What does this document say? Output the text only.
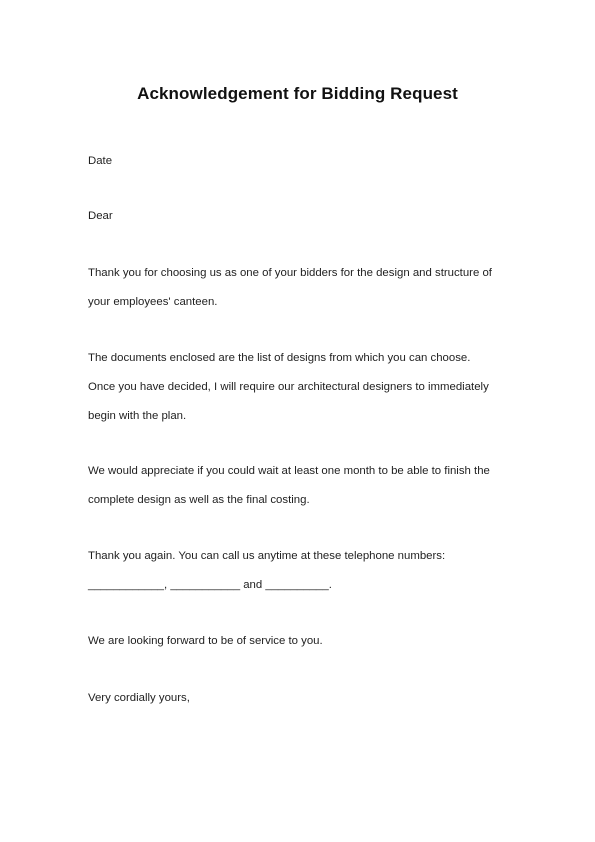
Acknowledgement for Bidding Request
Date
Dear
Thank you for choosing us as one of your bidders for the design and structure of
your employees' canteen.
The documents enclosed are the list of designs from which you can choose.
Once you have decided, I will require our architectural designers to immediately
begin with the plan.
We would appreciate if you could wait at least one month to be able to finish the
complete design as well as the final costing.
Thank you again. You can call us anytime at these telephone numbers:
____________, ___________ and __________.
We are looking forward to be of service to you.
Very cordially yours,
